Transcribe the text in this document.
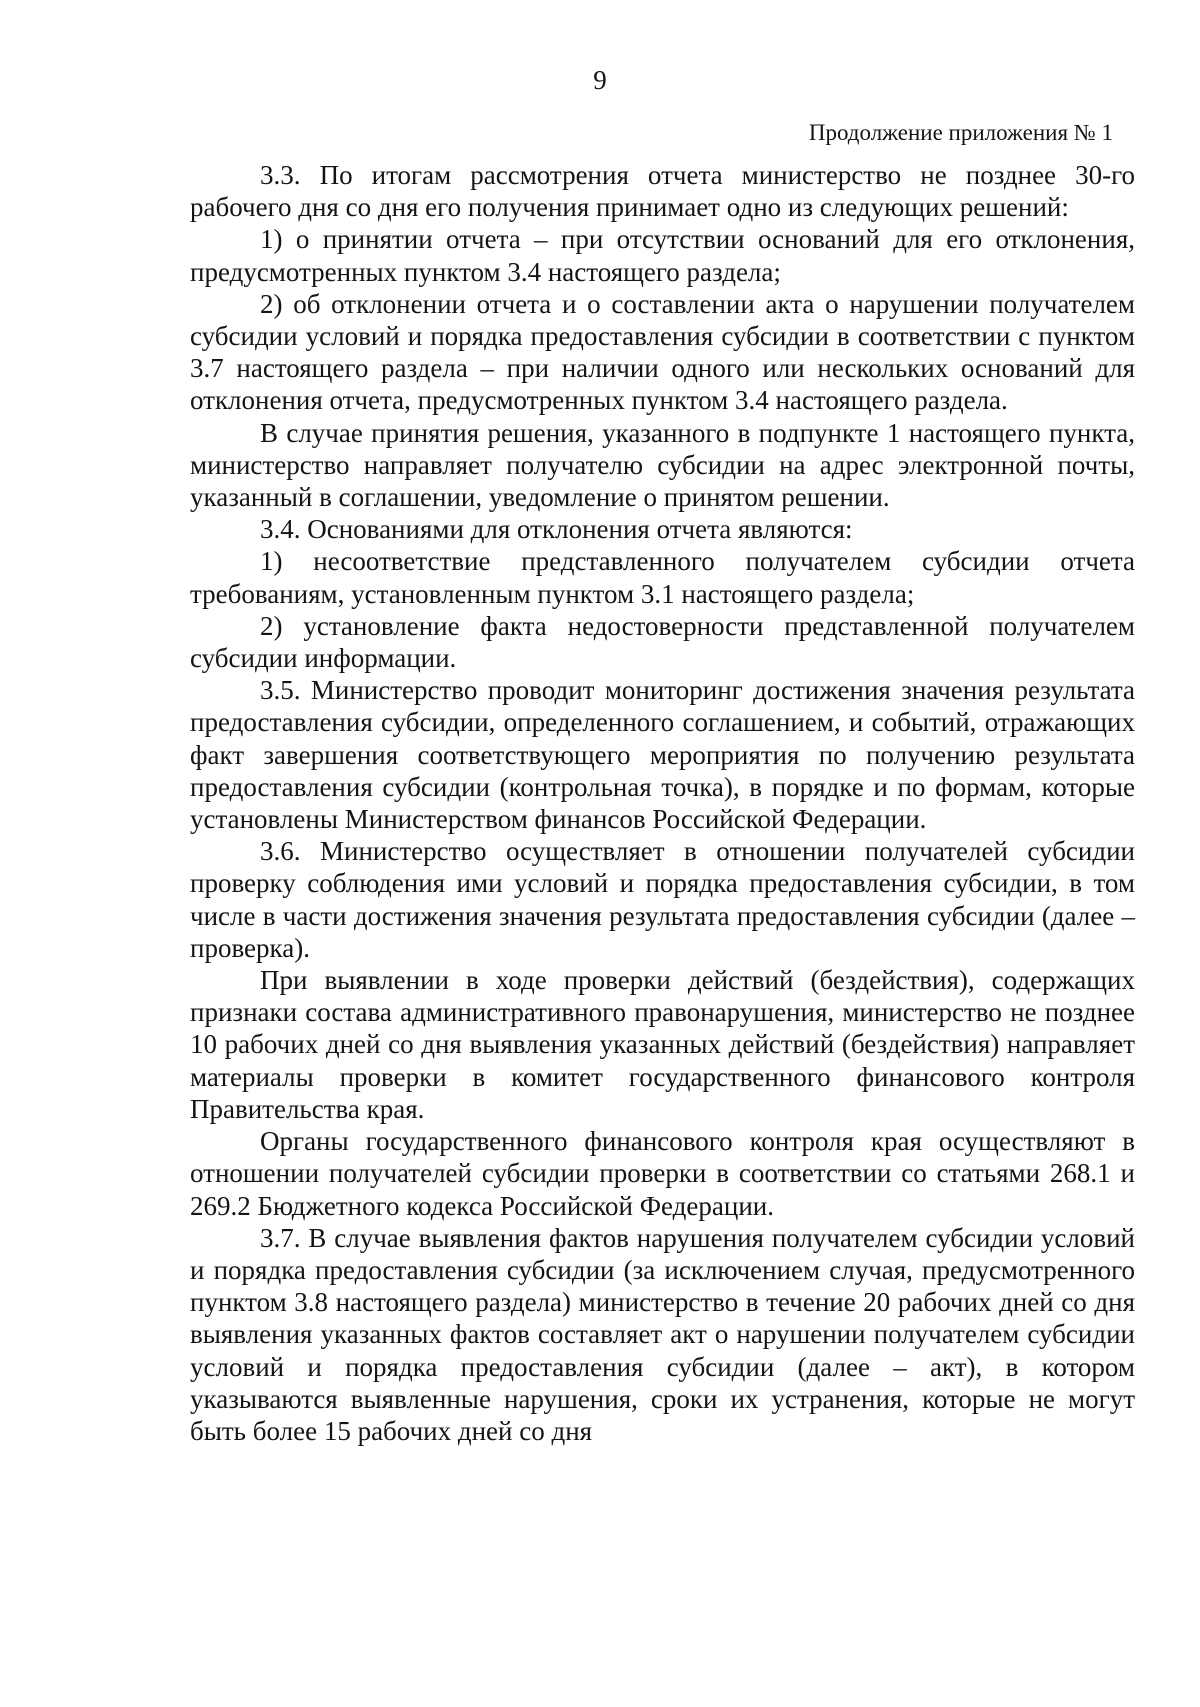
9
Продолжение приложения № 1

3.3. По итогам рассмотрения отчета министерство не позднее 30-го рабочего дня со дня его получения принимает одно из следующих решений:

1) о принятии отчета – при отсутствии оснований для его отклонения, предусмотренных пунктом 3.4 настоящего раздела;

2) об отклонении отчета и о составлении акта о нарушении получателем субсидии условий и порядка предоставления субсидии в соответствии с пунктом 3.7 настоящего раздела – при наличии одного или нескольких оснований для отклонения отчета, предусмотренных пунктом 3.4 настоящего раздела.

В случае принятия решения, указанного в подпункте 1 настоящего пункта, министерство направляет получателю субсидии на адрес электронной почты, указанный в соглашении, уведомление о принятом решении.

3.4. Основаниями для отклонения отчета являются:

1) несоответствие представленного получателем субсидии отчета требованиям, установленным пунктом 3.1 настоящего раздела;

2) установление факта недостоверности представленной получателем субсидии информации.

3.5. Министерство проводит мониторинг достижения значения результата предоставления субсидии, определенного соглашением, и событий, отражающих факт завершения соответствующего мероприятия по получению результата предоставления субсидии (контрольная точка), в порядке и по формам, которые установлены Министерством финансов Российской Федерации.

3.6. Министерство осуществляет в отношении получателей субсидии проверку соблюдения ими условий и порядка предоставления субсидии, в том числе в части достижения значения результата предоставления субсидии (далее – проверка).

При выявлении в ходе проверки действий (бездействия), содержащих признаки состава административного правонарушения, министерство не позднее 10 рабочих дней со дня выявления указанных действий (бездействия) направляет материалы проверки в комитет государственного финансового контроля Правительства края.

Органы государственного финансового контроля края осуществляют в отношении получателей субсидии проверки в соответствии со статьями 268.1 и 269.2 Бюджетного кодекса Российской Федерации.

3.7. В случае выявления фактов нарушения получателем субсидии условий и порядка предоставления субсидии (за исключением случая, предусмотренного пунктом 3.8 настоящего раздела) министерство в течение 20 рабочих дней со дня выявления указанных фактов составляет акт о нарушении получателем субсидии условий и порядка предоставления субсидии (далее – акт), в котором указываются выявленные нарушения, сроки их устранения, которые не могут быть более 15 рабочих дней со дня
